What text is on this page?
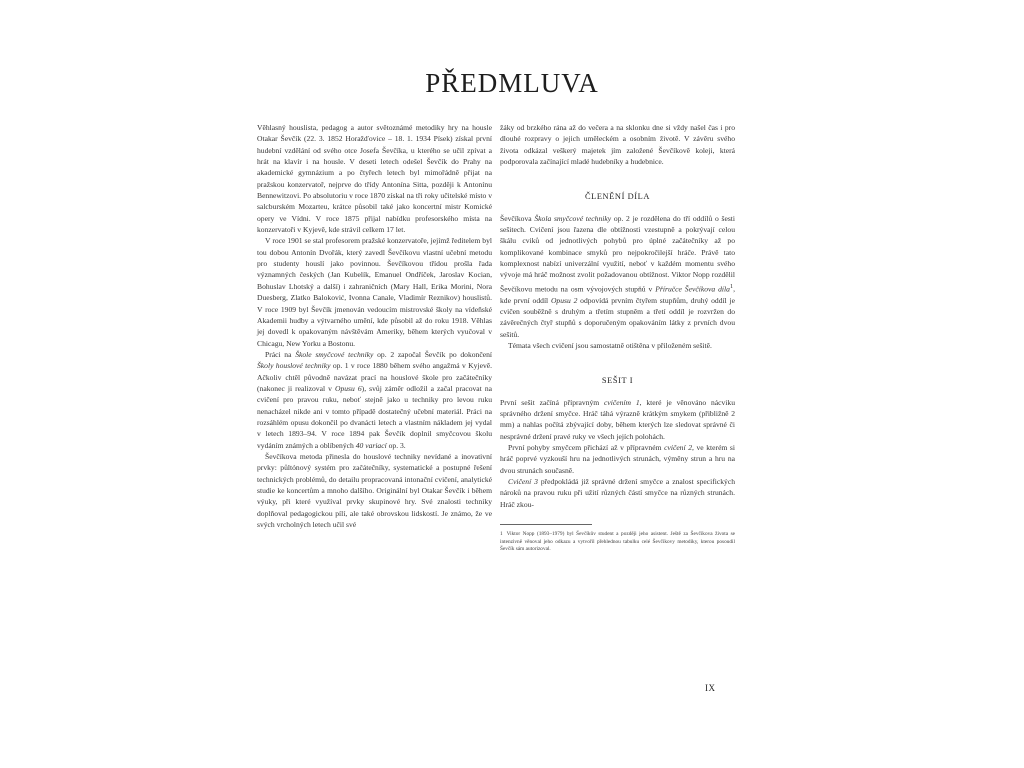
PŘEDMLUVA

Věhlasný houslista, pedagog a autor světoznámé metodiky hry na housle Otakar Ševčík (22. 3. 1852 Horažďovice – 18. 1. 1934 Písek) získal první hudební vzdělání od svého otce Josefa Ševčíka, u kterého se učil zpívat a hrát na klavír i na housle. V deseti letech odešel Ševčík do Prahy na akademické gymnázium a po čtyřech letech byl mimořádně přijat na pražskou konzervatoř, nejprve do třídy Antonína Sitta, později k Antonínu Bennewitzovi. Po absolutoriu v roce 1870 získal na tři roky učitelské místo v salcburském Mozarteu, krátce působil také jako koncertní mistr Komické opery ve Vídni. V roce 1875 přijal nabídku profesorského místa na konzervatoři v Kyjevě, kde strávil celkem 17 let.

V roce 1901 se stal profesorem pražské konzervatoře, jejímž ředitelem byl tou dobou Antonín Dvořák, který zavedl Ševčíkovu vlastní učební metodu pro studenty houslí jako povinnou. Ševčíkovou třídou prošla řada významných českých (Jan Kubelík, Emanuel Ondříček, Jaroslav Kocian, Bohuslav Lhotský a další) i zahraničních (Mary Hall, Erika Morini, Nora Duesberg, Zlatko Baloković, Ivonna Canale, Vladimír Reznikov) houslistů. V roce 1909 byl Ševčík jmenován vedoucím mistrovské školy na vídeňské Akademii hudby a výtvarného umění, kde působil až do roku 1918. Věhlas jej dovedl k opakovaným návštěvám Ameriky, během kterých vyučoval v Chicagu, New Yorku a Bostonu.

Práci na Škole smyčcové techniky op. 2 započal Ševčík po dokončení Školy houslové techniky op. 1 v roce 1880 během svého angažmá v Kyjevě. Ačkoliv chtěl původně navázat prací na houslové škole pro začátečníky (nakonec ji realizoval v Opusu 6), svůj záměr odložil a začal pracovat na cvičení pro pravou ruku, neboť stejně jako u techniky pro levou ruku nenacházel nikde ani v tomto případě dostatečný učební materiál. Práci na rozsáhlém opusu dokončil po dvanácti letech a vlastním nákladem jej vydal v letech 1893–94. V roce 1894 pak Ševčík doplnil smyčcovou školu vydáním známých a oblíbených 40 variací op. 3.

Ševčíkova metoda přinesla do houslové techniky nevídané a inovativní prvky: půltónový systém pro začátečníky, systematické a postupné řešení technických problémů, do detailu propracovaná intonační cvičení, analytické studie ke koncertům a mnoho dalšího. Originální byl Otakar Ševčík i během výuky, při které využíval prvky skupinové hry. Své znalosti techniky doplňoval pedagogickou pílí, ale také obrovskou lidskostí. Je známo, že ve svých vrcholných letech učil své

žáky od brzkého rána až do večera a na sklonku dne si vždy našel čas i pro dlouhé rozpravy o jejich uměleckém a osobním životě. V závěru svého života odkázal veškerý majetek jím založené Ševčíkově koleji, která podporovala začínající mladé hudebníky a hudebnice.

ČLENĚNÍ DÍLA

Ševčíkova Škola smyčcové techniky op. 2 je rozdělena do tří oddílů o šesti sešitech. Cvičení jsou řazena dle obtížnosti vzestupně a pokrývají celou škálu cviků od jednotlivých pohybů pro úplné začátečníky až po komplikované kombinace smyků pro nejpokročilejší hráče. Právě tato komplexnost nabízí univerzální využití, neboť v každém momentu svého vývoje má hráč možnost zvolit požadovanou obtížnost. Viktor Nopp rozdělil Ševčíkovu metodu na osm vývojových stupňů v Příručce Ševčíkova díla$^1$, kde první oddíl Opusu 2 odpovídá prvním čtyřem stupňům, druhý oddíl je cvičen souběžně s druhým a třetím stupněm a třetí oddíl je rozvržen do závěrečných čtyř stupňů s doporučeným opakováním látky z prvních dvou sešitů.

Témata všech cvičení jsou samostatně otištěna v přiloženém sešitě.

SEŠIT I

První sešit začíná přípravným cvičením 1, které je věnováno nácviku správného držení smyčce. Hráč táhá výrazně krátkým smykem (přibližně 2 mm) a nahlas počítá zbývající doby, během kterých lze sledovat správné či nesprávné držení pravé ruky ve všech jejích polohách.

První pohyby smyčcem přichází až v přípravném cvičení 2, ve kterém si hráč poprvé vyzkouší hru na jednotlivých strunách, výměny strun a hru na dvou strunách současně.

Cvičení 3 předpokládá již správné držení smyčce a znalost specifických nároků na pravou ruku při užití různých částí smyčce na různých strunách. Hráč zkou-

1 Viktor Nopp (1893–1979) byl Ševčíkův student a později jeho asistent. Ještě za Ševčíkova života se intenzivně věnoval jeho odkazu a vytvořil přehlednou tabulku celé Ševčíkovy metodiky, kterou posoudil Ševčík sám autorizoval.

IX
